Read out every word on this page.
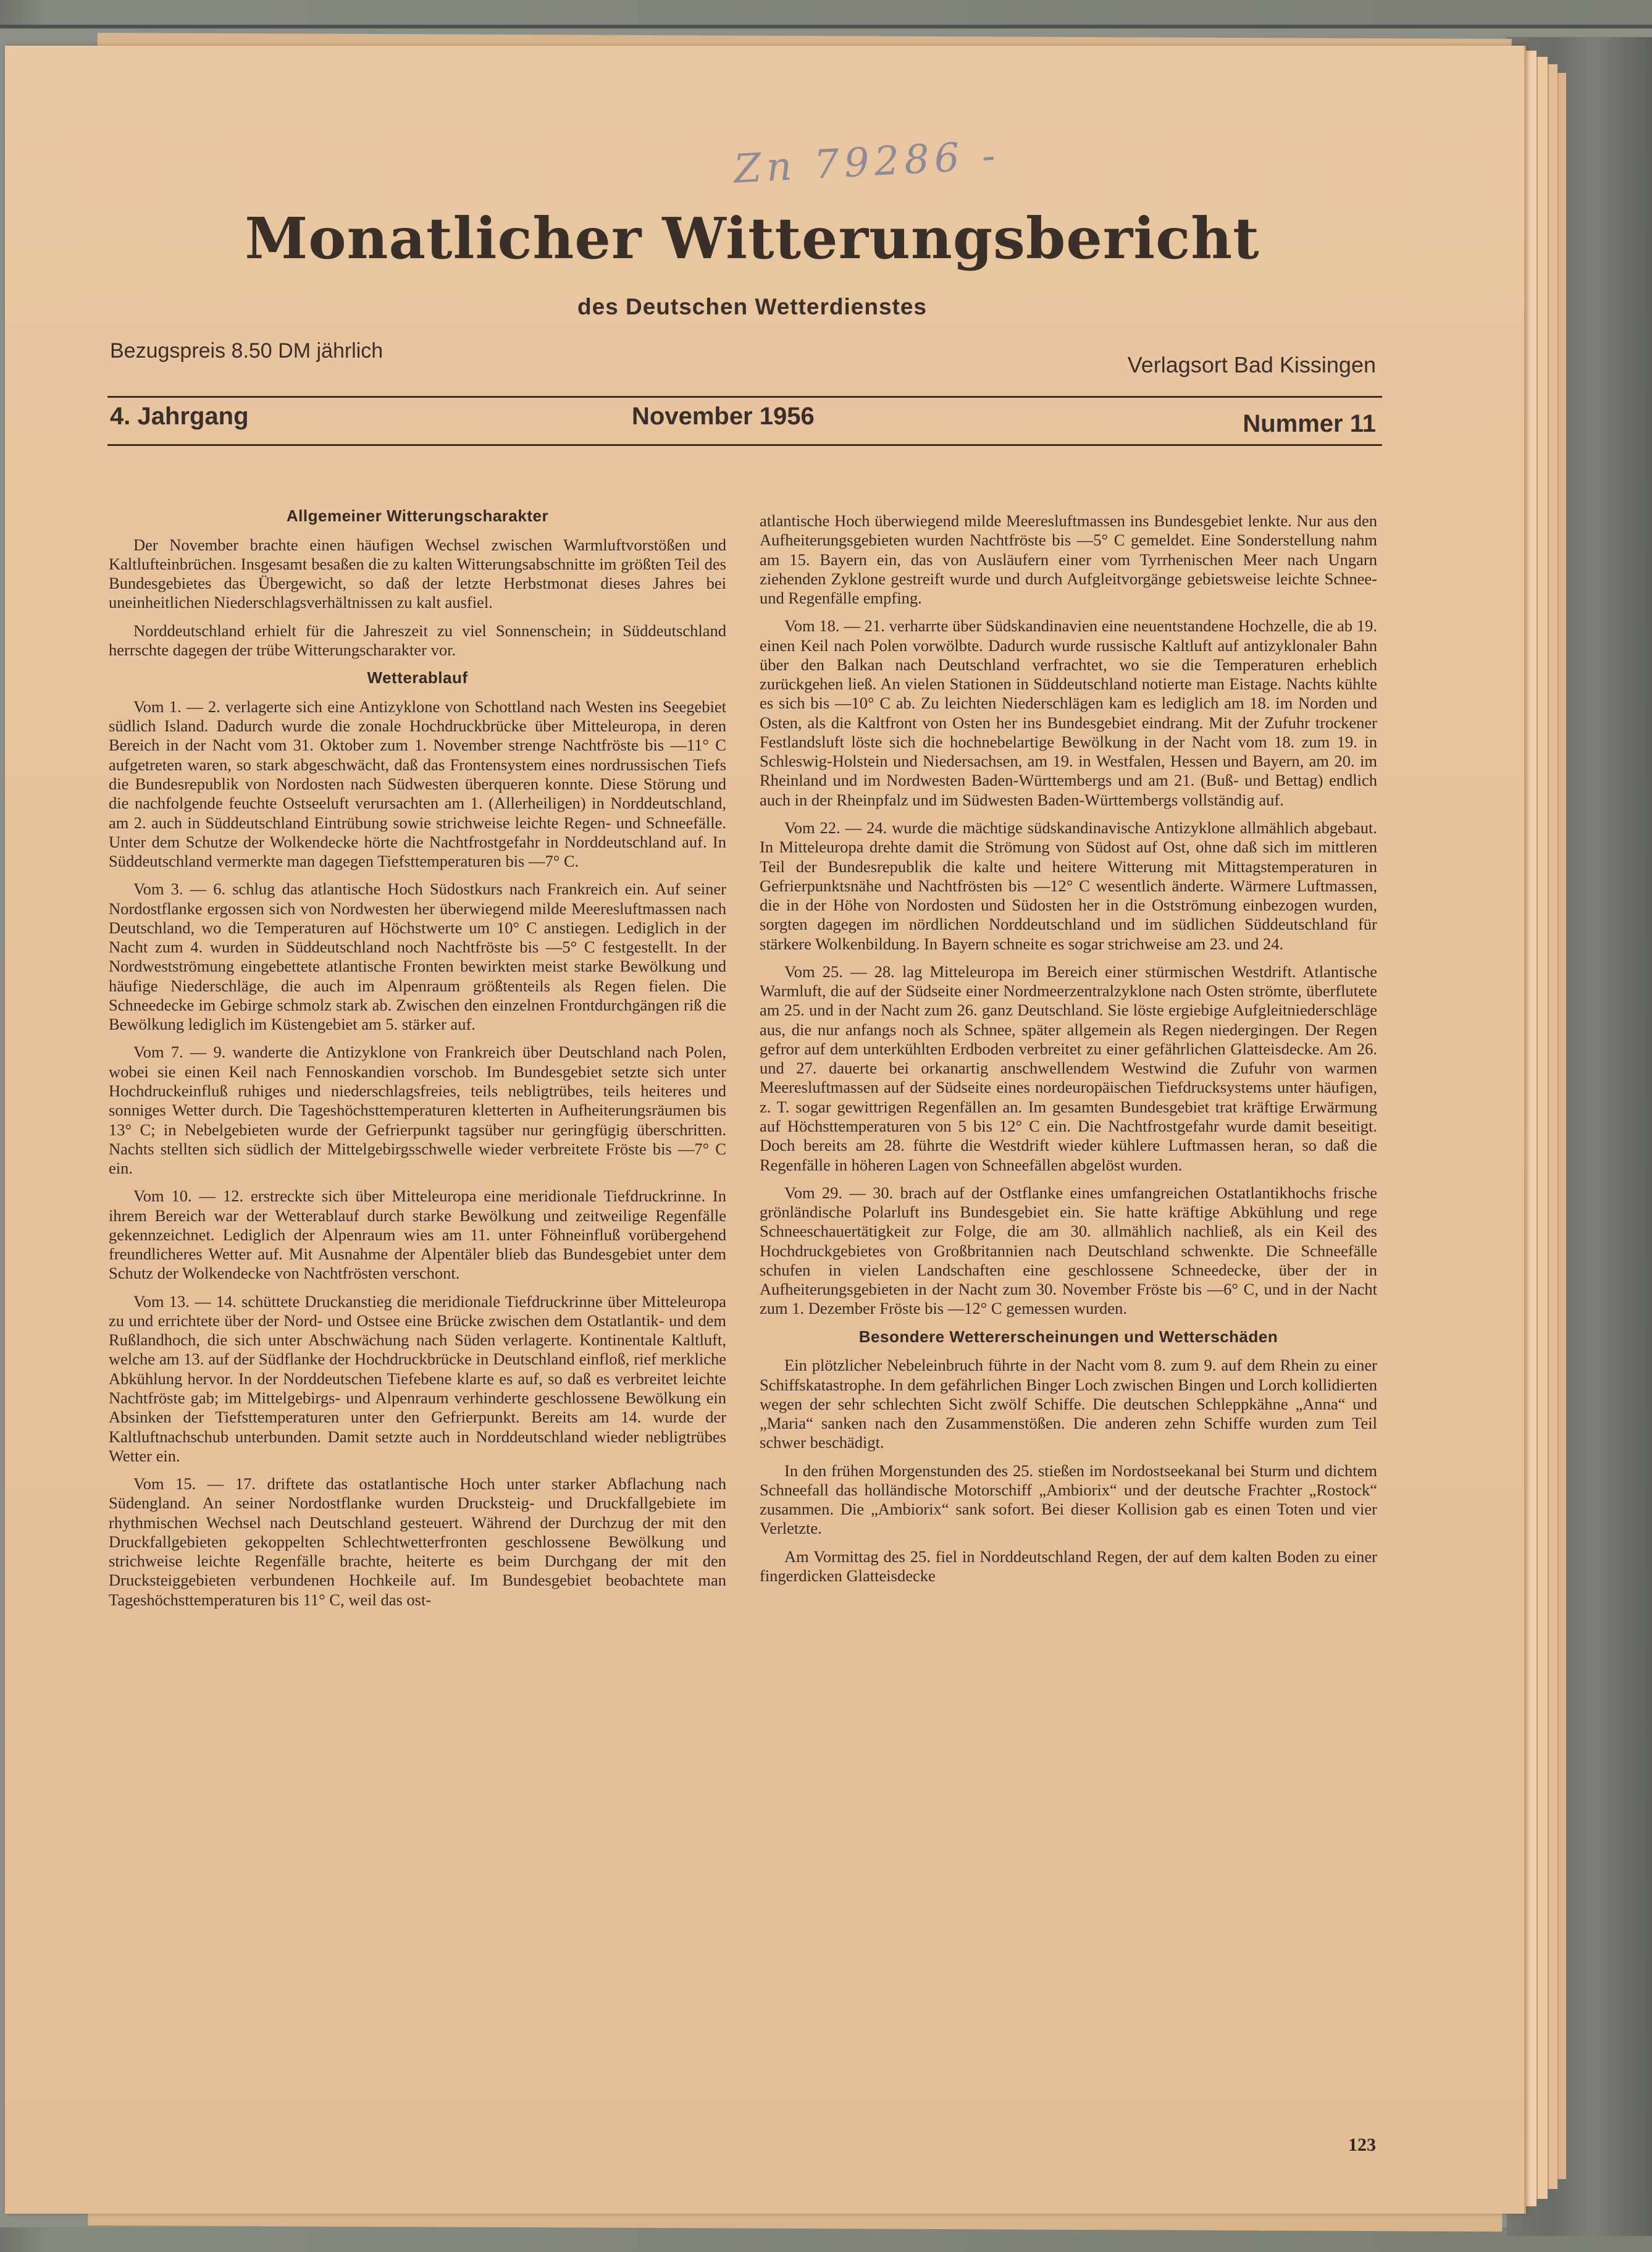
Zn 79286 -
Monatlicher Witterungsbericht
des Deutschen Wetterdienstes
Bezugspreis 8.50 DM jährlich
Verlagsort Bad Kissingen
4. Jahrgang	November 1956	Nummer 11
Allgemeiner Witterungscharakter

Der November brachte einen häufigen Wechsel zwischen Warmluftvorstößen und Kaltlufteinbrüchen. Insgesamt besaßen die zu kalten Witterungsabschnitte im größten Teil des Bundesgebietes das Übergewicht, so daß der letzte Herbstmonat dieses Jahres bei uneinheitlichen Niederschlagsverhältnissen zu kalt ausfiel.

Norddeutschland erhielt für die Jahreszeit zu viel Sonnenschein; in Süddeutschland herrschte dagegen der trübe Witterungscharakter vor.

Wetterablauf

Vom 1. — 2. verlagerte sich eine Antizyklone von Schottland nach Westen ins Seegebiet südlich Island. Dadurch wurde die zonale Hochdruckbrücke über Mitteleuropa, in deren Bereich in der Nacht vom 31. Oktober zum 1. November strenge Nachtfröste bis —11° C aufgetreten waren, so stark abgeschwächt, daß das Frontensystem eines nordrussischen Tiefs die Bundesrepublik von Nordosten nach Südwesten überqueren konnte. Diese Störung und die nachfolgende feuchte Ostseeluft verursachten am 1. (Allerheiligen) in Norddeutschland, am 2. auch in Süddeutschland Eintrübung sowie strichweise leichte Regen- und Schneefälle. Unter dem Schutze der Wolkendecke hörte die Nachtfrostgefahr in Norddeutschland auf. In Süddeutschland vermerkte man dagegen Tiefsttemperaturen bis —7° C.

Vom 3. — 6. schlug das atlantische Hoch Südostkurs nach Frankreich ein. Auf seiner Nordostflanke ergossen sich von Nordwesten her überwiegend milde Meeresluftmassen nach Deutschland, wo die Temperaturen auf Höchstwerte um 10° C anstiegen. Lediglich in der Nacht zum 4. wurden in Süddeutschland noch Nachtfröste bis —5° C festgestellt. In der Nordwestströmung eingebettete atlantische Fronten bewirkten meist starke Bewölkung und häufige Niederschläge, die auch im Alpenraum größtenteils als Regen fielen. Die Schneedecke im Gebirge schmolz stark ab. Zwischen den einzelnen Frontdurchgängen riß die Bewölkung lediglich im Küstengebiet am 5. stärker auf.

Vom 7. — 9. wanderte die Antizyklone von Frankreich über Deutschland nach Polen, wobei sie einen Keil nach Fennoskandien vorschob. Im Bundesgebiet setzte sich unter Hochdruckeinfluß ruhiges und niederschlagsfreies, teils nebligtrübes, teils heiteres und sonniges Wetter durch. Die Tageshöchsttemperaturen kletterten in Aufheiterungsräumen bis 13° C; in Nebelgebieten wurde der Gefrierpunkt tagsüber nur geringfügig überschritten. Nachts stellten sich südlich der Mittelgebirgsschwelle wieder verbreitete Fröste bis —7° C ein.

Vom 10. — 12. erstreckte sich über Mitteleuropa eine meridionale Tiefdruckrinne. In ihrem Bereich war der Wetterablauf durch starke Bewölkung und zeitweilige Regenfälle gekennzeichnet. Lediglich der Alpenraum wies am 11. unter Föhneinfluß vorübergehend freundlicheres Wetter auf. Mit Ausnahme der Alpentäler blieb das Bundesgebiet unter dem Schutz der Wolkendecke von Nachtfrösten verschont.

Vom 13. — 14. schüttete Druckanstieg die meridionale Tiefdruckrinne über Mitteleuropa zu und errichtete über der Nord- und Ostsee eine Brücke zwischen dem Ostatlantik- und dem Rußlandhoch, die sich unter Abschwächung nach Süden verlagerte. Kontinentale Kaltluft, welche am 13. auf der Südflanke der Hochdruckbrücke in Deutschland einfloß, rief merkliche Abkühlung hervor. In der Norddeutschen Tiefebene klarte es auf, so daß es verbreitet leichte Nachtfröste gab; im Mittelgebirgs- und Alpenraum verhinderte geschlossene Bewölkung ein Absinken der Tiefsttemperaturen unter den Gefrierpunkt. Bereits am 14. wurde der Kaltluftnachschub unterbunden. Damit setzte auch in Norddeutschland wieder nebligtrübes Wetter ein.

Vom 15. — 17. driftete das ostatlantische Hoch unter starker Abflachung nach Südengland. An seiner Nordostflanke wurden Drucksteig- und Druckfallgebiete im rhythmischen Wechsel nach Deutschland gesteuert. Während der Durchzug der mit den Druckfallgebieten gekoppelten Schlechtwetterfronten geschlossene Bewölkung und strichweise leichte Regenfälle brachte, heiterte es beim Durchgang der mit den Drucksteiggebieten verbundenen Hochkeile auf. Im Bundesgebiet beobachtete man Tageshöchsttemperaturen bis 11° C, weil das ost-

atlantische Hoch überwiegend milde Meeresluftmassen ins Bundesgebiet lenkte. Nur aus den Aufheiterungsgebieten wurden Nachtfröste bis —5° C gemeldet. Eine Sonderstellung nahm am 15. Bayern ein, das von Ausläufern einer vom Tyrrhenischen Meer nach Ungarn ziehenden Zyklone gestreift wurde und durch Aufgleitvorgänge gebietsweise leichte Schnee- und Regenfälle empfing.

Vom 18. — 21. verharrte über Südskandinavien eine neuentstandene Hochzelle, die ab 19. einen Keil nach Polen vorwölbte. Dadurch wurde russische Kaltluft auf antizyklonaler Bahn über den Balkan nach Deutschland verfrachtet, wo sie die Temperaturen erheblich zurückgehen ließ. An vielen Stationen in Süddeutschland notierte man Eistage. Nachts kühlte es sich bis —10° C ab. Zu leichten Niederschlägen kam es lediglich am 18. im Norden und Osten, als die Kaltfront von Osten her ins Bundesgebiet eindrang. Mit der Zufuhr trockener Festlandsluft löste sich die hochnebelartige Bewölkung in der Nacht vom 18. zum 19. in Schleswig-Holstein und Niedersachsen, am 19. in Westfalen, Hessen und Bayern, am 20. im Rheinland und im Nordwesten Baden-Württembergs und am 21. (Buß- und Bettag) endlich auch in der Rheinpfalz und im Südwesten Baden-Württembergs vollständig auf.

Vom 22. — 24. wurde die mächtige südskandinavische Antizyklone allmählich abgebaut. In Mitteleuropa drehte damit die Strömung von Südost auf Ost, ohne daß sich im mittleren Teil der Bundesrepublik die kalte und heitere Witterung mit Mittagstemperaturen in Gefrierpunktsnähe und Nachtfrösten bis —12° C wesentlich änderte. Wärmere Luftmassen, die in der Höhe von Nordosten und Südosten her in die Ostströmung einbezogen wurden, sorgten dagegen im nördlichen Norddeutschland und im südlichen Süddeutschland für stärkere Wolkenbildung. In Bayern schneite es sogar strichweise am 23. und 24.

Vom 25. — 28. lag Mitteleuropa im Bereich einer stürmischen Westdrift. Atlantische Warmluft, die auf der Südseite einer Nordmeerzentralzyklone nach Osten strömte, überflutete am 25. und in der Nacht zum 26. ganz Deutschland. Sie löste ergiebige Aufgleitniederschläge aus, die nur anfangs noch als Schnee, später allgemein als Regen niedergingen. Der Regen gefror auf dem unterkühlten Erdboden verbreitet zu einer gefährlichen Glatteisdecke. Am 26. und 27. dauerte bei orkanartig anschwellendem Westwind die Zufuhr von warmen Meeresluftmassen auf der Südseite eines nordeuropäischen Tiefdrucksystems unter häufigen, z. T. sogar gewittrigen Regenfällen an. Im gesamten Bundesgebiet trat kräftige Erwärmung auf Höchsttemperaturen von 5 bis 12° C ein. Die Nachtfrostgefahr wurde damit beseitigt. Doch bereits am 28. führte die Westdrift wieder kühlere Luftmassen heran, so daß die Regenfälle in höheren Lagen von Schneefällen abgelöst wurden.

Vom 29. — 30. brach auf der Ostflanke eines umfangreichen Ostatlantikhochs frische grönländische Polarluft ins Bundesgebiet ein. Sie hatte kräftige Abkühlung und rege Schneeschauertätigkeit zur Folge, die am 30. allmählich nachließ, als ein Keil des Hochdruckgebietes von Großbritannien nach Deutschland schwenkte. Die Schneefälle schufen in vielen Landschaften eine geschlossene Schneedecke, über der in Aufheiterungsgebieten in der Nacht zum 30. November Fröste bis —6° C, und in der Nacht zum 1. Dezember Fröste bis —12° C gemessen wurden.

Besondere Wettererscheinungen und Wetterschäden

Ein plötzlicher Nebeleinbruch führte in der Nacht vom 8. zum 9. auf dem Rhein zu einer Schiffskatastrophe. In dem gefährlichen Binger Loch zwischen Bingen und Lorch kollidierten wegen der sehr schlechten Sicht zwölf Schiffe. Die deutschen Schleppkähne „Anna“ und „Maria“ sanken nach den Zusammenstößen. Die anderen zehn Schiffe wurden zum Teil schwer beschädigt.

In den frühen Morgenstunden des 25. stießen im Nordostseekanal bei Sturm und dichtem Schneefall das holländische Motorschiff „Ambiorix“ und der deutsche Frachter „Rostock“ zusammen. Die „Ambiorix“ sank sofort. Bei dieser Kollision gab es einen Toten und vier Verletzte.

Am Vormittag des 25. fiel in Norddeutschland Regen, der auf dem kalten Boden zu einer fingerdicken Glatteisdecke

123
